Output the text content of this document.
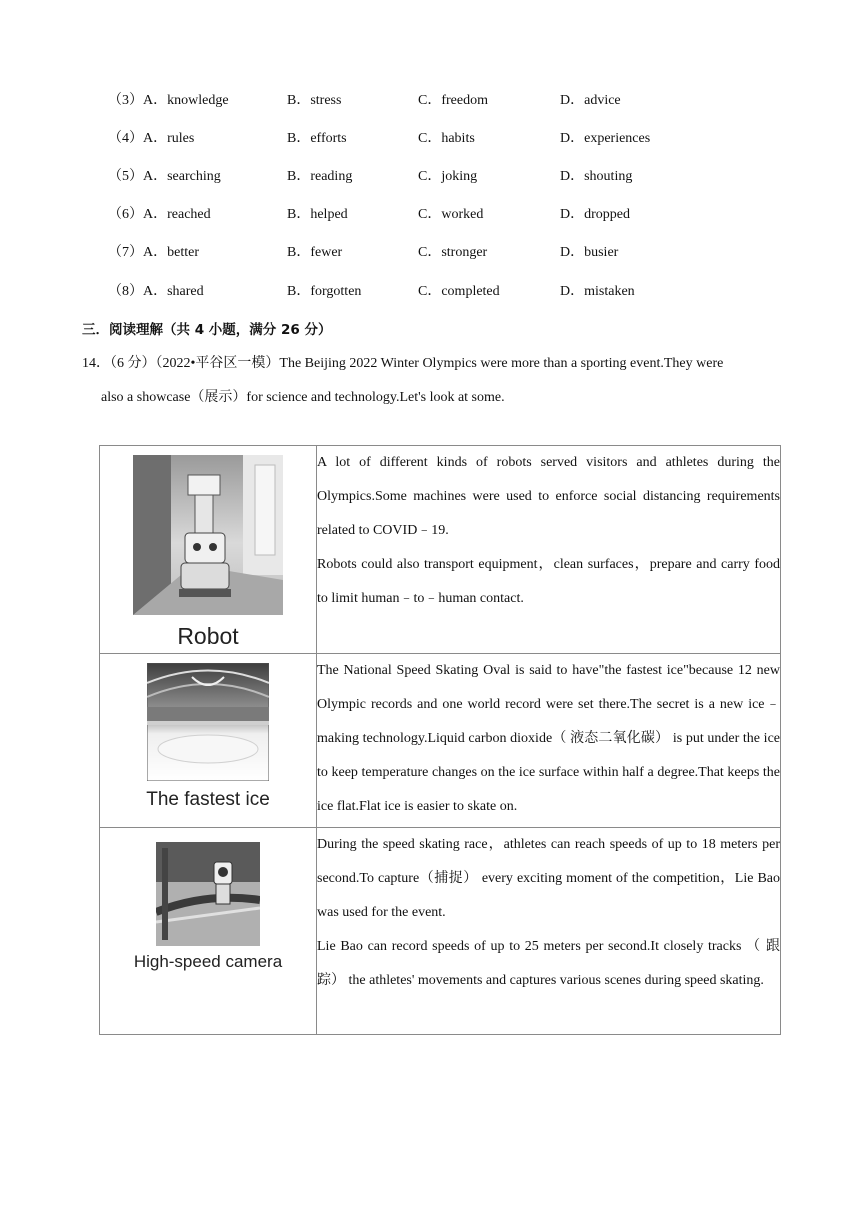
（3）A．knowledge	B．stress	C．freedom	D．advice
（4）A．rules	B．efforts	C．habits	D．experiences
（5）A．searching	B．reading	C．joking	D．shouting
（6）A．reached	B．helped	C．worked	D．dropped
（7）A．better	B．fewer	C．stronger	D．busier
（8）A．shared	B．forgotten	C．completed	D．mistaken
三．阅读理解（共 4 小题，满分 26 分）
14．（6 分）（2022•平谷区一模）The Beijing 2022 Winter Olympics were more than a sporting event.They were
also a showcase（展示）for science and technology.Let's look at some.
Robot	A lot of different kinds of robots served visitors and athletes during the Olympics.Some machines were used to enforce social distancing requirements related to COVID﹣19.
Robots could also transport equipment，clean surfaces，prepare and carry food to limit human﹣to﹣human contact.

The fastest ice	The National Speed Skating Oval is said to have"the fastest ice"because 12 new Olympic records and one world record were set there.The secret is a new ice﹣making technology.Liquid carbon dioxide（ 液态二氧化碳） is put under the ice to keep temperature changes on the ice surface within half a degree.That keeps the ice flat.Flat ice is easier to skate on.

High-speed camera	During the speed skating race，athletes can reach speeds of up to 18 meters per second.To capture（捕捉） every exciting moment of the competition，Lie Bao was used for the event.
Lie Bao can record speeds of up to 25 meters per second.It closely tracks （ 跟踪） the athletes' movements and captures various scenes during speed skating.
